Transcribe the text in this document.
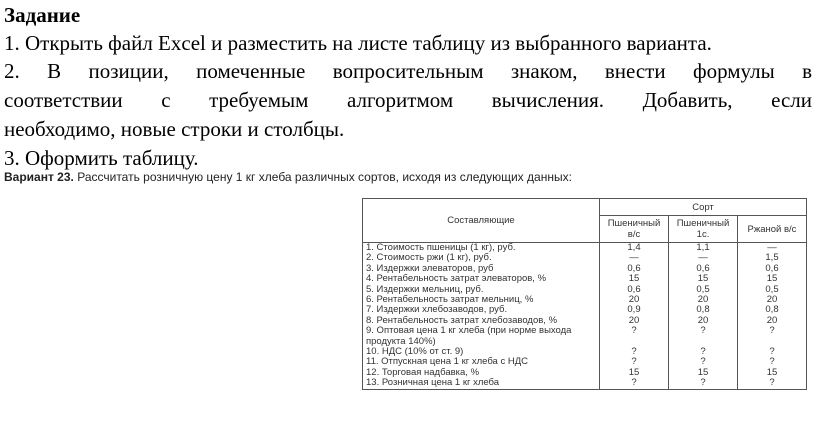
Задание
1. Открыть файл Excel и разместить на листе таблицу из выбранного варианта.
2. В позиции, помеченные вопросительным знаком, внести формулы в
соответствии с требуемым алгоритмом вычисления. Добавить, если
необходимо, новые строки и столбцы.
3. Оформить таблицу.
Вариант 23. Рассчитать розничную цену 1 кг хлеба различных сортов, исходя из следующих данных:
Составляющие	Сорт		
	Пшеничный в/с	Пшеничный 1с.	Ржаной в/с
1. Стоимость пшеницы (1 кг), руб.	1,4	1,1	—
2. Стоимость ржи (1 кг), руб.	—	—	1,5
3. Издержки элеваторов, руб	0,6	0,6	0,6
4. Рентабельность затрат элеваторов, %	15	15	15
5. Издержки мельниц, руб.	0,6	0,5	0,5
6. Рентабельность затрат мельниц, %	20	20	20
7. Издержки хлебозаводов, руб.	0,9	0,8	0,8
8. Рентабельность затрат хлебозаводов, %	20	20	20
9. Оптовая цена 1 кг хлеба (при норме выхода продукта 140%)	?	?	?
10. НДС (10% от ст. 9)	?	?	?
11. Отпускная цена 1 кг хлеба с НДС	?	?	?
12. Торговая надбавка, %	15	15	15
13. Розничная цена 1 кг хлеба	?	?	?
